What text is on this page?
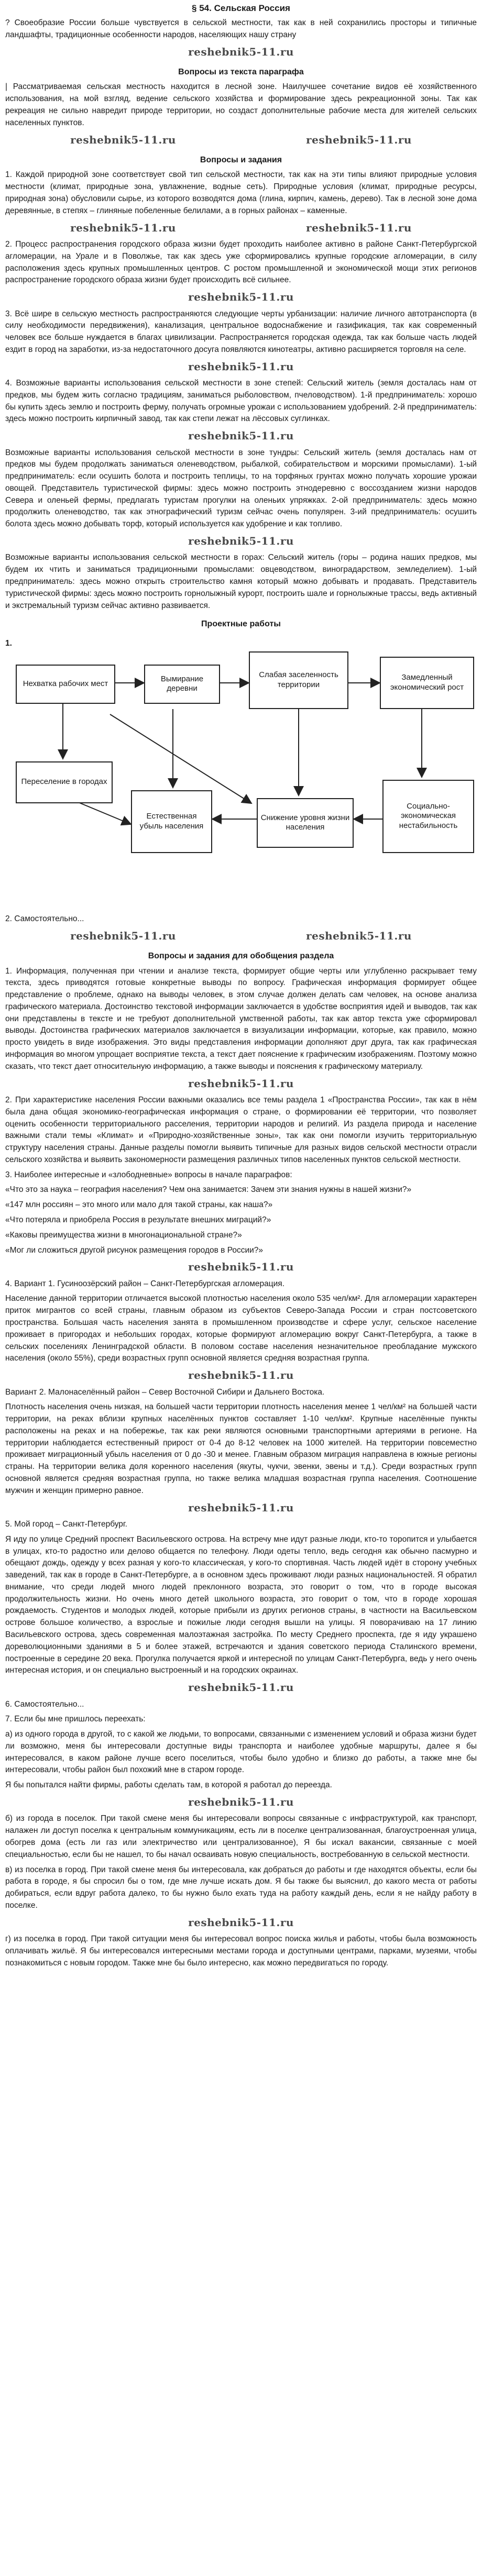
§ 54. Сельская Россия

? Своеобразие России больше чувствуется в сельской местности, так как в ней сохранились просторы и типичные ландшафты, традиционные особенности народов, населяющих нашу страну

reshebnik5-11.ru
Вопросы из текста параграфа

| Рассматриваемая сельская местность находится в лесной зоне. Наилучшее сочетание видов её хозяйственного использования, на мой взгляд, ведение сельского хозяйства и формирование здесь рекреационной зоны. Так как рекреация не сильно навредит природе территории, но создаст дополнительные рабочие места для жителей сельских населенных пунктов.

reshebnik5-11.ru	reshebnik5-11.ru
Вопросы и задания

1. Каждой природной зоне соответствует свой тип сельской местности, так как на эти типы влияют природные условия местности (климат, природные зона, увлажнение, водные сеть). Природные условия (климат, природные ресурсы, природная зона) обусловили сырье, из которого возводятся дома (глина, кирпич, камень, дерево). Так в лесной зоне дома деревянные, в степях – глиняные побеленные белилами, а в горных районах – каменные.

reshebnik5-11.ru	reshebnik5-11.ru

2. Процесс распространения городского образа жизни будет проходить наиболее активно в районе Санкт-Петербургской агломерации, на Урале и в Поволжье, так как здесь уже сформировались крупные городские агломерации, в силу расположения здесь крупных промышленных центров. С ростом промышленной и экономической мощи этих регионов распространение городского образа жизни будет происходить всё сильнее.

reshebnik5-11.ru

3. Всё шире в сельскую местность распространяются следующие черты урбанизации: наличие личного автотранспорта (в силу необходимости передвижения), канализация, центральное водоснабжение и газификация, так как современный человек все больше нуждается в благах цивилизации. Распространяется городская одежда, так как больше часть людей ездит в город на заработки, из-за недостаточного досуга появляются кинотеатры, активно расширяется торговля на селе.

reshebnik5-11.ru

4. Возможные варианты использования сельской местности в зоне степей: Сельский житель (земля досталась нам от предков, мы будем жить согласно традициям, заниматься рыболовством, пчеловодством). 1-й предприниматель: хорошо бы купить здесь землю и построить ферму, получать огромные урожаи с использованием удобрений. 2-й предприниматель: здесь можно построить кирпичный завод, так как степи лежат на лёссовых суглинках.

reshebnik5-11.ru

Возможные варианты использования сельской местности в зоне тундры: Сельский житель (земля досталась нам от предков мы будем продолжать заниматься оленеводством, рыбалкой, собирательством и морскими промыслами). 1-ый предприниматель: если осушить болота и построить теплицы, то на торфяных грунтах можно получать хорошие урожаи овощей. Представитель туристической фирмы: здесь можно построить этнодеревню с воссозданием жизни народов Севера и оленьей фермы, предлагать туристам прогулки на оленьих упряжках. 2-ой предприниматель: здесь можно продолжить оленеводство, так как этнографический туризм сейчас очень популярен. 3-ий предприниматель: осушить болота здесь можно добывать торф, который используется как удобрение и как топливо.

reshebnik5-11.ru

Возможные варианты использования сельской местности в горах: Сельский житель (горы – родина наших предков, мы будем их чтить и заниматься традиционными промыслами: овцеводством, виноградарством, земледелием). 1-ый предприниматель: здесь можно открыть строительство камня который можно добывать и продавать. Представитель туристической фирмы: здесь можно построить горнолыжный курорт, построить шале и горнолыжные трассы, ведь активный и экстремальный туризм сейчас активно развивается.

Проектные работы
1.
Нехватка рабочих мест
Вымирание деревни
Слабая заселенность территории
Замедленный экономический рост
Переселение в городах
Естественная убыль населения
Снижение уровня жизни населения
Социально-экономическая нестабильность

2. Самостоятельно...

reshebnik5-11.ru	reshebnik5-11.ru
Вопросы и задания для обобщения раздела

1. Информация, полученная при чтении и анализе текста, формирует общие черты или углубленно раскрывает тему текста, здесь приводятся готовые конкретные выводы по вопросу. Графическая информация формирует общее представление о проблеме, однако на выводы человек, в этом случае должен делать сам человек, на основе анализа графического материала. Достоинство текстовой информации заключается в удобстве восприятия идей и выводов, так как они представлены в тексте и не требуют дополнительной умственной работы, так как автор текста уже сформировал выводы. Достоинства графических материалов заключается в визуализации информации, которые, как правило, можно просто увидеть в виде изображения. Это виды представления информации дополняют друг друга, так как графическая информация во многом упрощает восприятие текста, а текст дает пояснение к графическим изображениям. Поэтому можно сказать, что текст дает относительную информацию, а также выводы и пояснения к графическому материалу.

reshebnik5-11.ru

2. При характеристике населения России важными оказались все темы раздела 1 «Пространства России», так как в нём была дана общая экономико-географическая информация о стране, о формировании её территории, что позволяет оценить особенности территориального расселения, территории народов и религий. Из раздела природа и население важными стали темы «Климат» и «Природно-хозяйственные зоны», так как они помогли изучить территориальную структуру населения страны. Данные разделы помогли выявить типичные для разных видов сельской местности отрасли сельского хозяйства и выявить закономерности размещения различных типов населенных пунктов сельской местности.

3. Наиболее интересные и «злободневные» вопросы в начале параграфов:

«Что это за наука – география населения? Чем она занимается: Зачем эти знания нужны в нашей жизни?»

«147 млн россиян – это много или мало для такой страны, как наша?»

«Что потеряла и приобрела Россия в результате внешних миграций?»

«Каковы преимущества жизни в многонациональной стране?»

«Мог ли сложиться другой рисунок размещения городов в России?»

reshebnik5-11.ru

4. Вариант 1. Гусиноозёрский район – Санкт-Петербургская агломерация.

Население данной территории отличается высокой плотностью населения около 535 чел/км². Для агломерации характерен приток мигрантов со всей страны, главным образом из субъектов Северо-Запада России и стран постсоветского пространства. Большая часть населения занята в промышленном производстве и сфере услуг, сельское население проживает в пригородах и небольших городах, которые формируют агломерацию вокруг Санкт-Петербурга, а также в сельских поселениях Ленинградской области. В половом составе населения незначительное преобладание мужского населения (около 55%), среди возрастных групп основной является средняя возрастная группа.

reshebnik5-11.ru

Вариант 2. Малонаселённый район – Север Восточной Сибири и Дальнего Востока.

Плотность населения очень низкая, на большей части территории плотность населения менее 1 чел/км² на большей части территории, на реках вблизи крупных населённых пунктов составляет 1-10 чел/км². Крупные населённые пункты расположены на реках и на побережье, так как реки являются основными транспортными артериями в регионе. На территории наблюдается естественный прирост от 0-4 до 8-12 человек на 1000 жителей. На территории повсеместно проживает миграционный убыль населения от 0 до -30 и менее. Главным образом миграция направлена в южные регионы страны. На территории велика доля коренного населения (якуты, чукчи, эвенки, эвены и т.д.). Среди возрастных групп основной является средняя возрастная группа, но также велика младшая возрастная группа населения. Соотношение мужчин и женщин примерно равное.

reshebnik5-11.ru

5. Мой город – Санкт-Петербург.

Я иду по улице Средний проспект Васильевского острова. На встречу мне идут разные люди, кто-то торопится и улыбается в улицах, кто-то радостно или делово общается по телефону. Люди одеты тепло, ведь сегодня как обычно пасмурно и обещают дождь, одежду у всех разная у кого-то классическая, у кого-то спортивная. Часть людей идёт в сторону учебных заведений, так как в городе в Санкт-Петербурге, а в основном здесь проживают люди разных национальностей. Я обратил внимание, что среди людей много людей преклонного возраста, это говорит о том, что в городе высокая продолжительность жизни. Но очень много детей школьного возраста, это говорит о том, что в городе хорошая рождаемость. Студентов и молодых людей, которые прибыли из других регионов страны, в частности на Васильевском острове большое количество, а взрослые и пожилые люди сегодня вышли на улицы. Я поворачиваю на 17 линию Васильевского острова, здесь современная малоэтажная застройка. По месту Среднего проспекта, где я иду украшено дореволюционными зданиями в 5 и более этажей, встречаются и здания советского периода Сталинского времени, построенные в середине 20 века. Прогулка получается яркой и интересной по улицам Санкт-Петербурга, ведь у него очень интересная история, и он специально выстроенный и на городских окраинах.

reshebnik5-11.ru

6. Самостоятельно...

7. Если бы мне пришлось переехать:

а) из одного города в другой, то с какой же людьми, то вопросами, связанными с изменением условий и образа жизни будет ли возможно, меня бы интересовали доступные виды транспорта и наиболее удобные маршруты, далее я бы интересовался, в каком районе лучше всего поселиться, чтобы было удобно и близко до работы, а также мне бы интересовали, чтобы район был похожий мне в старом городе.

Я бы попытался найти фирмы, работы сделать там, в которой я работал до переезда.

reshebnik5-11.ru

б) из города в поселок. При такой смене меня бы интересовали вопросы связанные с инфраструктурой, как транспорт, налажен ли доступ поселка к центральным коммуникациям, есть ли в поселке централизованная, благоустроенная улица, обогрев дома (есть ли газ или электричество или централизованное), Я бы искал вакансии, связанные с моей специальностью, если бы не нашел, то бы начал осваивать новую специальность, востребованную в сельской местности.

в) из поселка в город. При такой смене меня бы интересовала, как добраться до работы и где находятся объекты, если бы работа в городе, я бы спросил бы о том, где мне лучше искать дом. Я бы также бы выяснил, до какого места от работы добираться, если вдруг работа далеко, то бы нужно было ехать туда на работу каждый день, если я не найду работу в поселке.

reshebnik5-11.ru

г) из поселка в город. При такой ситуации меня бы интересовал вопрос поиска жилья и работы, чтобы была возможность оплачивать жильё. Я бы интересовался интересными местами города и доступными центрами, парками, музеями, чтобы познакомиться с новым городом. Также мне бы было интересно, как можно передвигаться по городу.
